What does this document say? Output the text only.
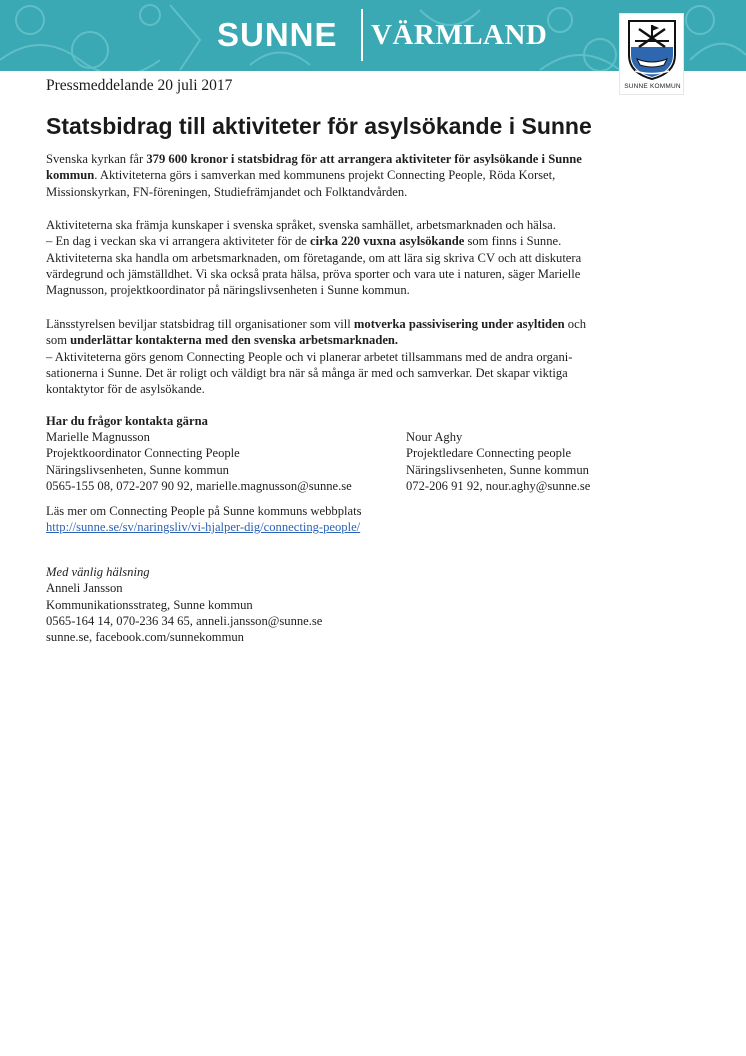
SUNNE	VÄRMLAND
SUNNE KOMMUN
Pressmeddelande 20 juli 2017
Statsbidrag till aktiviteter för asylsökande i Sunne
Svenska kyrkan får 379 600 kronor i statsbidrag för att arrangera aktiviteter för asylsökande i Sunne
kommun. Aktiviteterna görs i samverkan med kommunens projekt Connecting People, Röda Korset,
Missionskyrkan, FN-föreningen, Studiefrämjandet och Folktandvården.
Aktiviteterna ska främja kunskaper i svenska språket, svenska samhället, arbetsmarknaden och hälsa.
– En dag i veckan ska vi arrangera aktiviteter för de cirka 220 vuxna asylsökande som finns i Sunne.
Aktiviteterna ska handla om arbetsmarknaden, om företagande, om att lära sig skriva CV och att diskutera
värdegrund och jämställdhet. Vi ska också prata hälsa, pröva sporter och vara ute i naturen, säger Marielle
Magnusson, projektkoordinator på näringslivsenheten i Sunne kommun.
Länsstyrelsen beviljar statsbidrag till organisationer som vill motverka passivisering under asyltiden och
som underlättar kontakterna med den svenska arbetsmarknaden.
– Aktiviteterna görs genom Connecting People och vi planerar arbetet tillsammans med de andra organi-
sationerna i Sunne. Det är roligt och väldigt bra när så många är med och samverkar. Det skapar viktiga
kontaktytor för de asylsökande.
Har du frågor kontakta gärna
Marielle Magnusson
Projektkoordinator Connecting People
Näringslivsenheten, Sunne kommun
0565-155 08, 072-207 90 92, marielle.magnusson@sunne.se
Nour Aghy
Projektledare Connecting people
Näringslivsenheten, Sunne kommun
072-206 91 92, nour.aghy@sunne.se
Läs mer om Connecting People på Sunne kommuns webbplats
http://sunne.se/sv/naringsliv/vi-hjalper-dig/connecting-people/
Med vänlig hälsning
Anneli Jansson
Kommunikationsstrateg, Sunne kommun
0565-164 14, 070-236 34 65, anneli.jansson@sunne.se
sunne.se, facebook.com/sunnekommun
